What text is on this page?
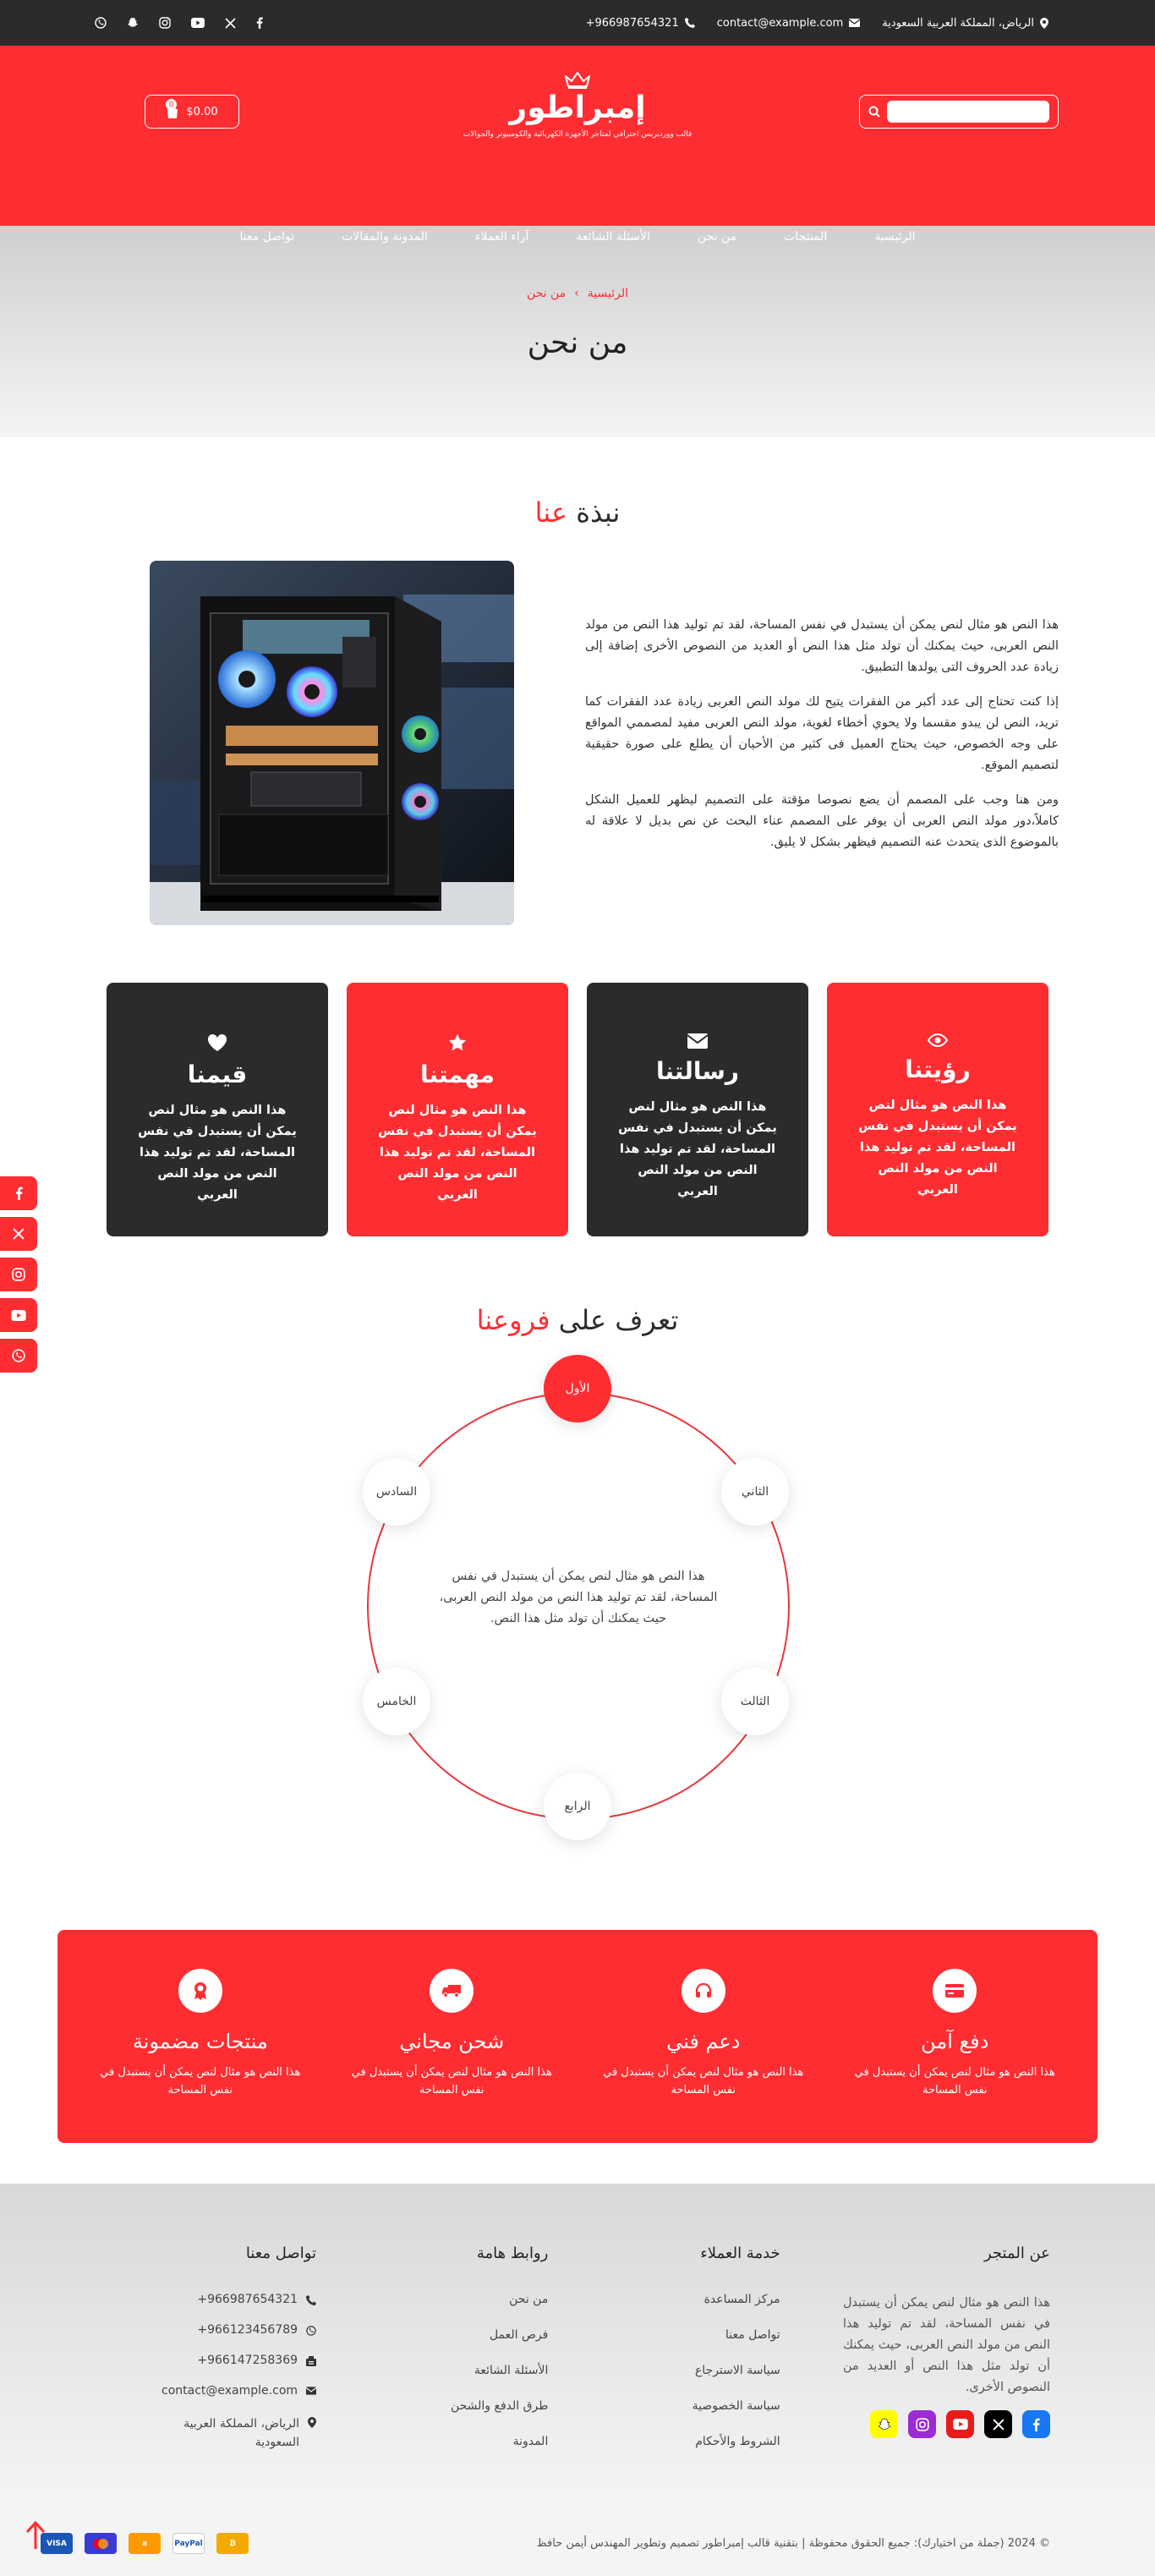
الرياض، المملكة العربية السعودية
contact@example.com
+966987654321
إمبراطور
قالب ووردبريس احترافي لمتاجر الأجهزة الكهربائية والكومبيوتر والجوالات
0
$0.00
الرئيسية
المنتجات
من نحن
الأسئلة الشائعة
آراء العملاء
المدونة والمقالات
تواصل معنا
الرئيسية
›
من نحن
من نحن
نبذة عنا

هذا النص هو مثال لنص يمكن أن يستبدل في نفس المساحة، لقد تم توليد هذا النص من مولد النص العربى، حيث يمكنك أن تولد مثل هذا النص أو العديد من النصوص الأخرى إضافة إلى زيادة عدد الحروف التى يولدها التطبيق.

إذا كنت تحتاج إلى عدد أكبر من الفقرات يتيح لك مولد النص العربى زيادة عدد الفقرات كما تريد، النص لن يبدو مقسما ولا يحوي أخطاء لغوية، مولد النص العربى مفيد لمصممي المواقع على وجه الخصوص، حيث يحتاج العميل فى كثير من الأحيان أن يطلع على صورة حقيقية لتصميم الموقع.

ومن هنا وجب على المصمم أن يضع نصوصا مؤقتة على التصميم ليظهر للعميل الشكل كاملاً،دور مولد النص العربى أن يوفر على المصمم عناء البحث عن نص بديل لا علاقة له بالموضوع الذى يتحدث عنه التصميم فيظهر بشكل لا يليق.

رؤيتنا

هذا النص هو مثال لنص يمكن أن يستبدل في نفس المساحة، لقد تم توليد هذا النص من مولد النص العربي

رسالتنا

هذا النص هو مثال لنص يمكن أن يستبدل في نفس المساحة، لقد تم توليد هذا النص من مولد النص العربي

مهمتنا

هذا النص هو مثال لنص يمكن أن يستبدل في نفس المساحة، لقد تم توليد هذا النص من مولد النص العربي

قيمنا

هذا النص هو مثال لنص يمكن أن يستبدل في نفس المساحة، لقد تم توليد هذا النص من مولد النص العربي

تعرف على فروعنا
الأول
الثاني
الثالث
الرابع
الخامس
السادس
هذا النص هو مثال لنص يمكن أن يستبدل في نفس المساحة، لقد تم توليد هذا النص من مولد النص العربى، حيث يمكنك أن تولد مثل هذا النص.
دفع آمن

هذا النص هو مثال لنص يمكن أن يستبدل في نفس المساحة

دعم فني

هذا النص هو مثال لنص يمكن أن يستبدل في نفس المساحة

شحن مجاني

هذا النص هو مثال لنص يمكن أن يستبدل في نفس المساحة

منتجات مضمونة

هذا النص هو مثال لنص يمكن أن يستبدل في نفس المساحة

عن المتجر

هذا النص هو مثال لنص يمكن أن يستبدل في نفس المساحة، لقد تم توليد هذا النص من مولد النص العربى، حيث يمكنك أن تولد مثل هذا النص أو العديد من النصوص الأخرى.

خدمة العملاء
مركز المساعدة
تواصل معنا
سياسة الاسترجاع
سياسة الخصوصية
الشروط والأحكام
روابط هامة
من نحن
فرص العمل
الأسئلة الشائعة
طرق الدفع والشحن
المدونة
تواصل معنا
+966987654321
+966123456789
+966147258369
contact@example.com
الرياض، المملكة العربية السعودية
© 2024 (جملة من اختيارك): جميع الحقوق محفوظة | بتقنية قالب إمبراطور تصميم وتطوير المهندس أيمن حافظ
VISA	a	PayPal	₿
